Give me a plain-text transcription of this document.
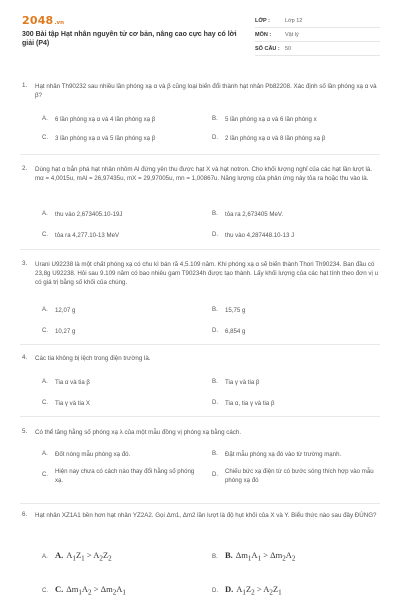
2048 .vn
300 Bài tập Hạt nhân nguyên tử cơ bản, nâng cao cực hay có lời giải (P4)
LỚP :	Lớp 12
MÔN :	Vật lý
SỐ CÂU : 50
1. Hạt nhân Th90232 sau nhiều lần phóng xạ α và β cũng loại biến đổi thành hạt nhân Pb82208. Xác định số lần phóng xạ α và β?
A. 6 lần phóng xạ α và 4 lần phóng xạ β	B. 5 lần phóng xạ α và 6 lần phóng x
C. 3 lần phóng xạ α và 5 lần phóng xạ β	D. 2 lần phóng xạ α và 8 lần phóng xạ β
2. Dùng hạt α bắn phá hạt nhân nhôm Al đứng yên thu được hạt X và hạt notron. Cho khối lượng nghỉ của các hạt lần lượt là. mα = 4,0015u, mAl = 26,97435u, mX = 29,97005u, mn = 1,00867u. Năng lượng của phản ứng này tỏa ra hoặc thu vào là.
A. thu vào 2,673405.10-19J	B. tỏa ra 2,673405 MeV.
C. tỏa ra 4,277.10-13 MeV	D. thu vào 4,287448.10-13 J
3. Urani U92238 là một chất phóng xạ có chu kì bán rã 4,5.109 năm. Khi phóng xạ α sẽ biến thành Thori Th90234. Ban đầu có 23,8g U92238. Hỏi sau 9.109 năm có bao nhiêu gam T90234h được tạo thành. Lấy khối lượng của các hạt tính theo đơn vị u có giá trị bằng số khối của chúng.
A. 12,07 g	B. 15,75 g
C. 10,27 g	D. 6,854 g
4. Các tia không bị lệch trong điện trường là.
A. Tia α và tia β	B. Tia γ và tia β
C. Tia γ và tia X	D. Tia α, tia γ và tia β
5. Có thể tăng hằng số phóng xạ λ của một mẫu đồng vị phóng xạ bằng cách.
A. Đốt nóng mẫu phóng xạ đó.	B. Đặt mẫu phóng xạ đó vào từ trường mạnh.
C. Hiện nay chưa có cách nào thay đổi hằng số phóng xạ.
D. Chiếu bức xạ điện từ có bước sóng thích hợp vào mẫu phóng xạ đó
6. Hạt nhân XZ1A1 bền hơn hạt nhân YZ2A2. Gọi Δm1, Δm2 lần lượt là độ hụt khối của X và Y. Biểu thức nào sau đây ĐÚNG?
A. A. $A_1Z_1 > A_2Z_2$	B. B. $\Delta m_1A_1 > \Delta m_2A_2$
C. C. $\Delta m_1A_2 > \Delta m_2A_1$	D. D. $A_1Z_2 > A_2Z_1$
